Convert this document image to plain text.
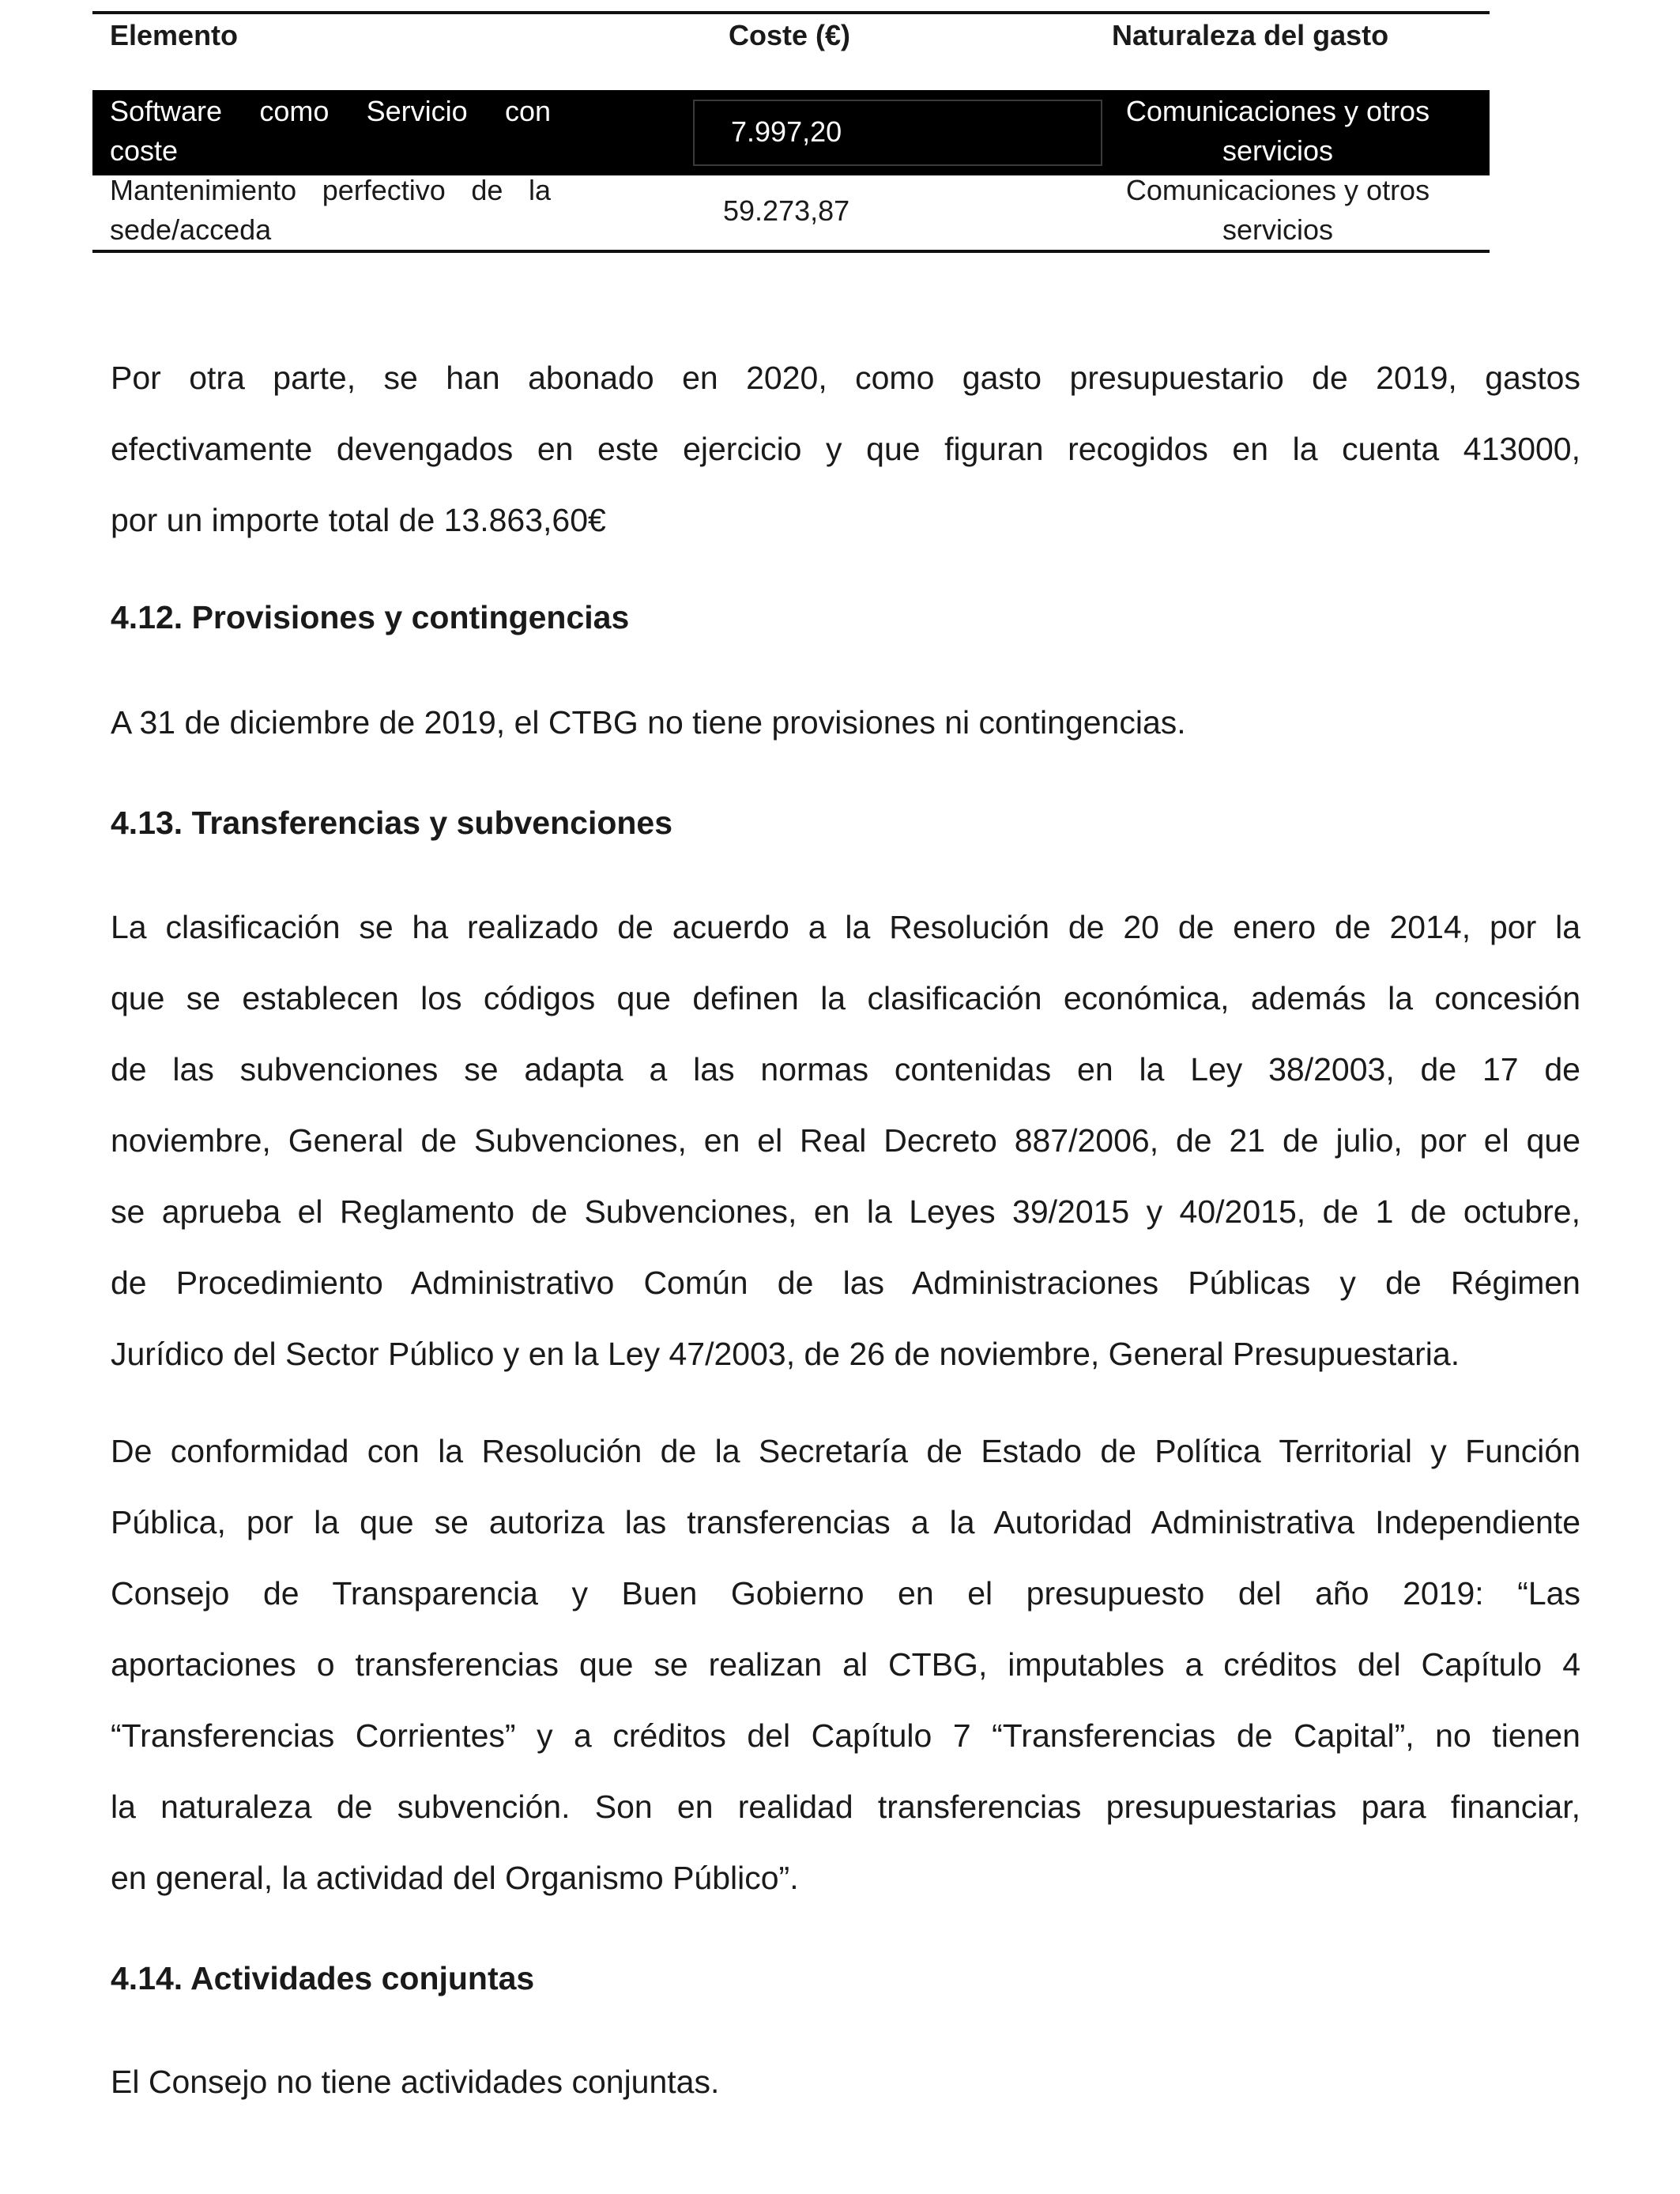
Elemento	Coste (€)	Naturaleza del gasto
Software como Servicio con
coste
7.997,20
Comunicaciones y otros
servicios
Mantenimiento perfectivo de la
sede/acceda
59.273,87
Comunicaciones y otros
servicios
Por otra parte, se han abonado en 2020, como gasto presupuestario de 2019, gastos
efectivamente devengados en este ejercicio y que figuran recogidos en la cuenta 413000,
por un importe total de 13.863,60€
4.12. Provisiones y contingencias
A 31 de diciembre de 2019, el CTBG no tiene provisiones ni contingencias.
4.13. Transferencias y subvenciones
La clasificación se ha realizado de acuerdo a la Resolución de 20 de enero de 2014, por la
que se establecen los códigos que definen la clasificación económica, además la concesión
de las subvenciones se adapta a las normas contenidas en la Ley 38/2003, de 17 de
noviembre, General de Subvenciones, en el Real Decreto 887/2006, de 21 de julio, por el que
se aprueba el Reglamento de Subvenciones, en la Leyes 39/2015 y 40/2015, de 1 de octubre,
de Procedimiento Administrativo Común de las Administraciones Públicas y de Régimen
Jurídico del Sector Público y en la Ley 47/2003, de 26 de noviembre, General Presupuestaria.
De conformidad con la Resolución de la Secretaría de Estado de Política Territorial y Función
Pública, por la que se autoriza las transferencias a la Autoridad Administrativa Independiente
Consejo de Transparencia y Buen Gobierno en el presupuesto del año 2019: “Las
aportaciones o transferencias que se realizan al CTBG, imputables a créditos del Capítulo 4
“Transferencias Corrientes” y a créditos del Capítulo 7 “Transferencias de Capital”, no tienen
la naturaleza de subvención. Son en realidad transferencias presupuestarias para financiar,
en general, la actividad del Organismo Público”.
4.14. Actividades conjuntas
El Consejo no tiene actividades conjuntas.
